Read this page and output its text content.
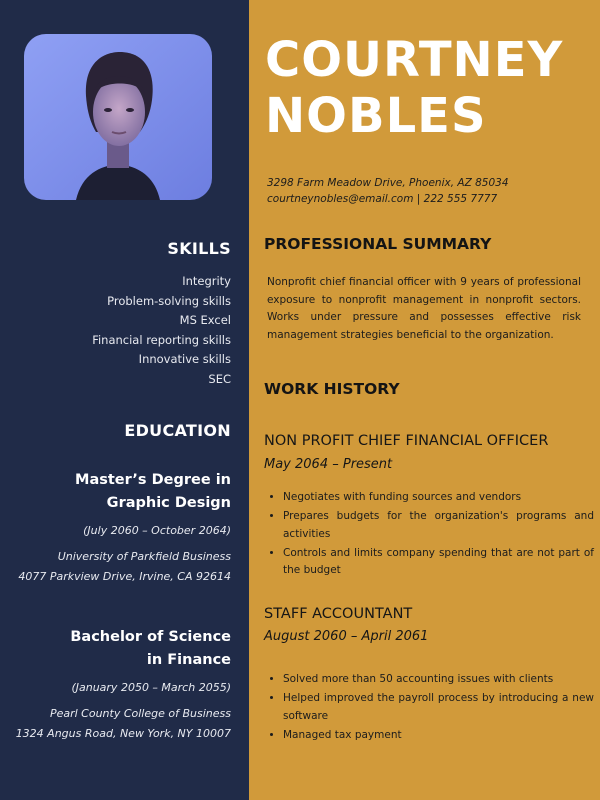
SKILLS
Integrity
Problem-solving skills
MS Excel
Financial reporting skills
Innovative skills
SEC
EDUCATION
Master’s Degree in
Graphic Design
(July 2060 – October 2064)
University of Parkfield Business
4077 Parkview Drive, Irvine, CA 92614
Bachelor of Science
in Finance
(January 2050 – March 2055)
Pearl County College of Business
1324 Angus Road, New York, NY 10007
COURTNEY
NOBLES
3298 Farm Meadow Drive, Phoenix, AZ 85034
courtneynobles@email.com | 222 555 7777
PROFESSIONAL SUMMARY
Nonprofit chief financial officer with 9 years of professional exposure to nonprofit management in nonprofit sectors. Works under pressure and possesses effective risk management strategies beneficial to the organization.
WORK HISTORY
NON PROFIT CHIEF FINANCIAL OFFICER
May 2064 – Present
• Negotiates with funding sources and vendors
• Prepares budgets for the organization's programs and activities
• Controls and limits company spending that are not part of the budget
STAFF ACCOUNTANT
August 2060 – April 2061
• Solved more than 50 accounting issues with clients
• Helped improved the payroll process by introducing a new software
• Managed tax payment
